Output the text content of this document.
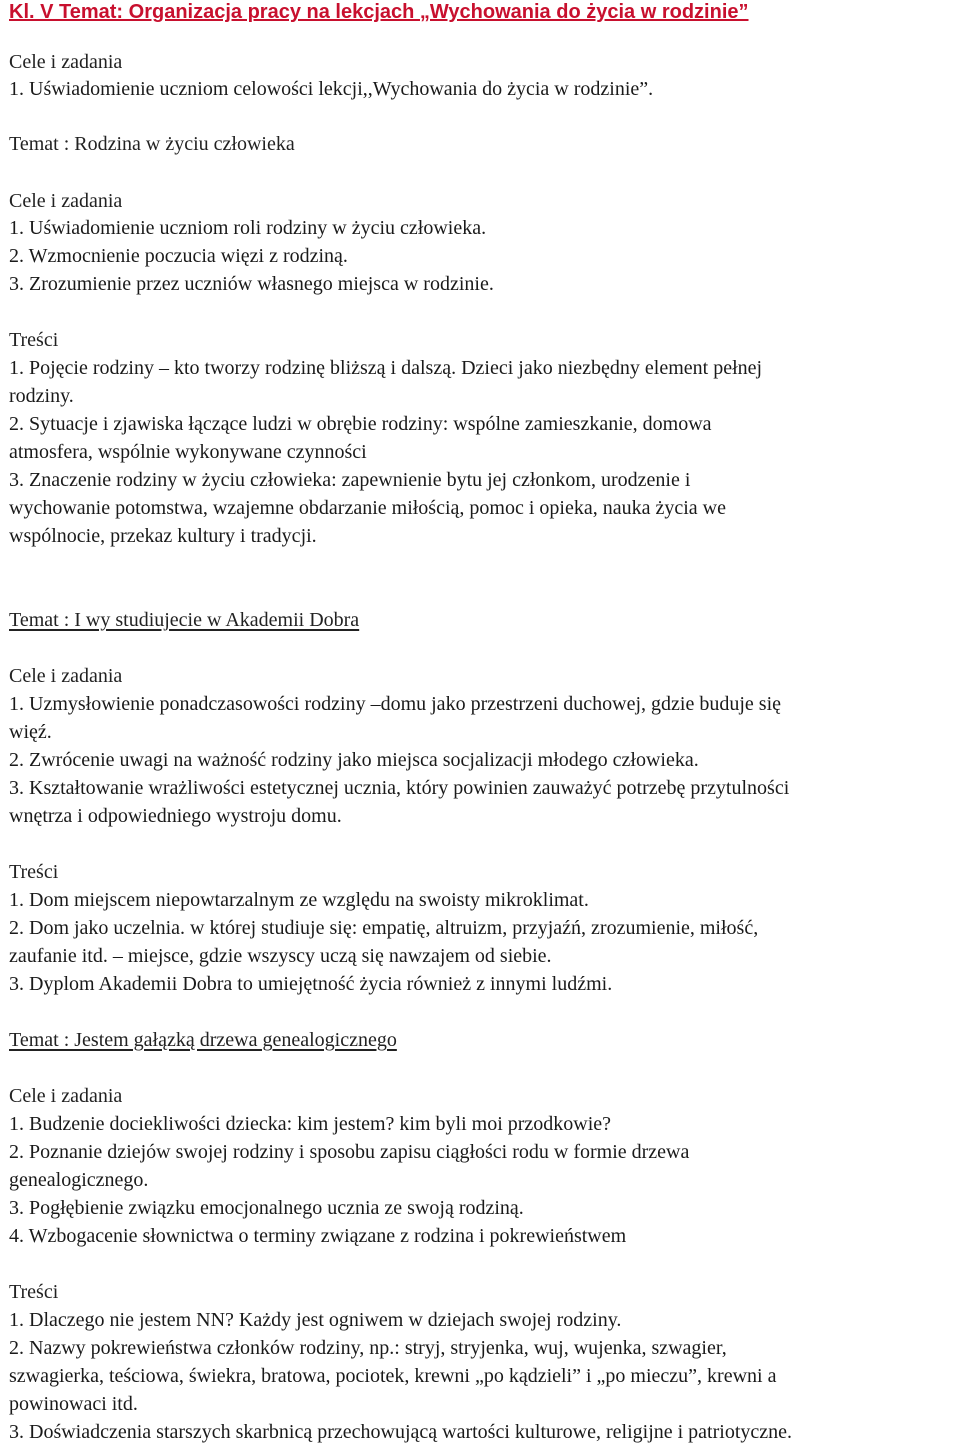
Kl. V Temat: Organizacja pracy na lekcjach „Wychowania do życia w rodzinie”
Cele i zadania
1. Uświadomienie uczniom celowości lekcji,,Wychowania do życia w rodzinie”.
Temat : Rodzina w życiu człowieka
Cele i zadania
1. Uświadomienie uczniom roli rodziny w życiu człowieka.
2. Wzmocnienie poczucia więzi z rodziną.
3. Zrozumienie przez uczniów własnego miejsca w rodzinie.
Treści
1. Pojęcie rodziny – kto tworzy rodzinę bliższą i dalszą. Dzieci jako niezbędny element pełnej
rodziny.
2. Sytuacje i zjawiska łączące ludzi w obrębie rodziny: wspólne zamieszkanie, domowa
atmosfera, wspólnie wykonywane czynności
3. Znaczenie rodziny w życiu człowieka: zapewnienie bytu jej członkom, urodzenie i
wychowanie potomstwa, wzajemne obdarzanie miłością, pomoc i opieka, nauka życia we
wspólnocie, przekaz kultury i tradycji.
Temat : I wy studiujecie w Akademii Dobra
Cele i zadania
1. Uzmysłowienie ponadczasowości rodziny –domu jako przestrzeni duchowej, gdzie buduje się
więź.
2. Zwrócenie uwagi na ważność rodziny jako miejsca socjalizacji młodego człowieka.
3. Kształtowanie wrażliwości estetycznej ucznia, który powinien zauważyć potrzebę przytulności
wnętrza i odpowiedniego wystroju domu.
Treści
1. Dom miejscem niepowtarzalnym ze względu na swoisty mikroklimat.
2. Dom jako uczelnia. w której studiuje się: empatię, altruizm, przyjaźń, zrozumienie, miłość,
zaufanie itd. – miejsce, gdzie wszyscy uczą się nawzajem od siebie.
3. Dyplom Akademii Dobra to umiejętność życia również z innymi ludźmi.
Temat : Jestem gałązką drzewa genealogicznego
Cele i zadania
1. Budzenie dociekliwości dziecka: kim jestem? kim byli moi przodkowie?
2. Poznanie dziejów swojej rodziny i sposobu zapisu ciągłości rodu w formie drzewa
genealogicznego.
3. Pogłębienie związku emocjonalnego ucznia ze swoją rodziną.
4. Wzbogacenie słownictwa o terminy związane z rodzina i pokrewieństwem
Treści
1. Dlaczego nie jestem NN? Każdy jest ogniwem w dziejach swojej rodziny.
2. Nazwy pokrewieństwa członków rodziny, np.: stryj, stryjenka, wuj, wujenka, szwagier,
szwagierka, teściowa, świekra, bratowa, pociotek, krewni „po kądzieli” i „po mieczu”, krewni a
powinowaci itd.
3. Doświadczenia starszych skarbnicą przechowującą wartości kulturowe, religijne i patriotyczne.
